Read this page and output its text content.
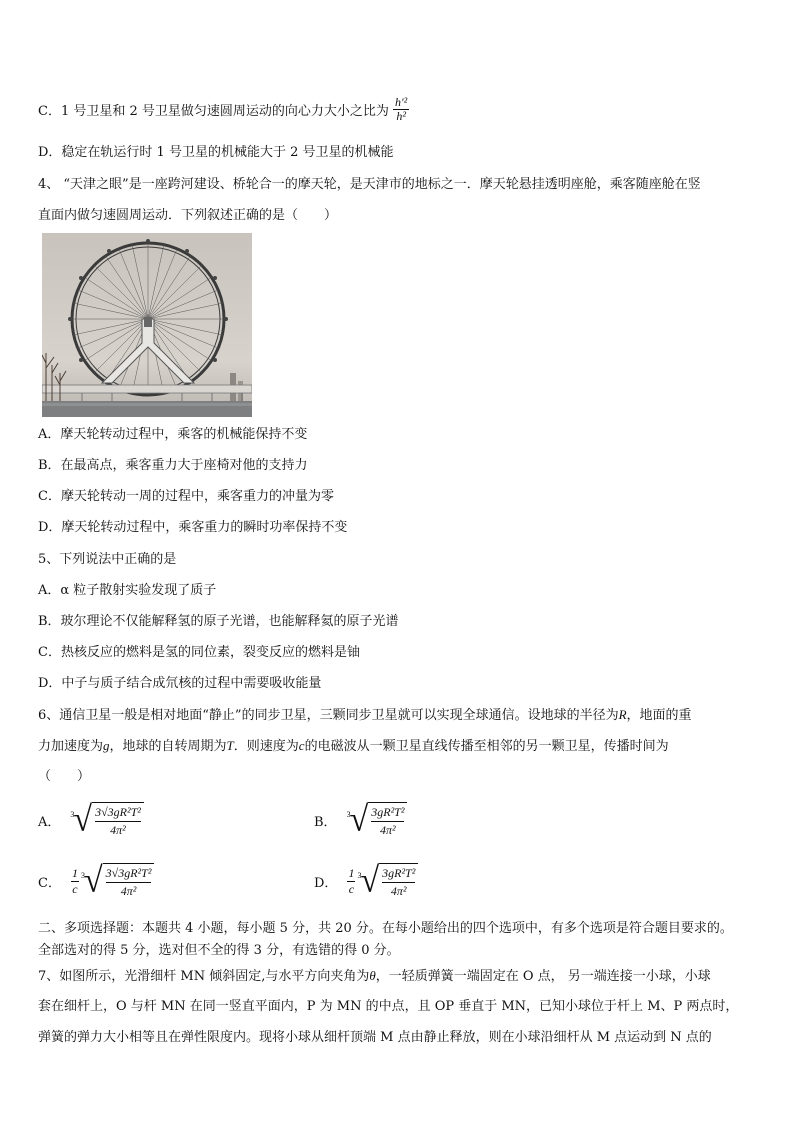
C．1 号卫星和 2 号卫星做匀速圆周运动的向心力大小之比为 $\frac{\text{h'²}}{\text{h²}}$
D．稳定在轨运行时 1 号卫星的机械能大于 2 号卫星的机械能
4、 “天津之眼”是一座跨河建设、桥轮合一的摩天轮，是天津市的地标之一．摩天轮悬挂透明座舱，乘客随座舱在竖
直面内做匀速圆周运动．下列叙述正确的是（　　）
A．摩天轮转动过程中，乘客的机械能保持不变
B．在最高点，乘客重力大于座椅对他的支持力
C．摩天轮转动一周的过程中，乘客重力的冲量为零
D．摩天轮转动过程中，乘客重力的瞬时功率保持不变
5、下列说法中正确的是
A．α 粒子散射实验发现了质子
B．玻尔理论不仅能解释氢的原子光谱，也能解释氦的原子光谱
C．热核反应的燃料是氢的同位素，裂变反应的燃料是铀
D．中子与质子结合成氘核的过程中需要吸收能量
6、通信卫星一般是相对地面“静止”的同步卫星，三颗同步卫星就可以实现全球通信。设地球的半径为R，地面的重
力加速度为g，地球的自转周期为T．则速度为c的电磁波从一颗卫星直线传播至相邻的另一颗卫星，传播时间为
（　　）
A．
3 √ 3√3gR²T²
4π²
B．
3 √ 3gR²T²
4π²
C．
1
c
3 √ 3√3gR²T²
4π²
D．
1
c
3 √ 3gR²T²
4π²
二、多项选择题：本题共 4 小题，每小题 5 分，共 20 分。在每小题给出的四个选项中，有多个选项是符合题目要求的。
全部选对的得 5 分，选对但不全的得 3 分，有选错的得 0 分。
7、如图所示，光滑细杆 MN 倾斜固定,与水平方向夹角为θ，一轻质弹簧一端固定在 O 点， 另一端连接一小球，小球
套在细杆上，O 与杆 MN 在同一竖直平面内，P 为 MN 的中点，且 OP 垂直于 MN，已知小球位于杆上 M、P 两点时，
弹簧的弹力大小相等且在弹性限度内。现将小球从细杆顶端 M 点由静止释放，则在小球沿细杆从 M 点运动到 N 点的
